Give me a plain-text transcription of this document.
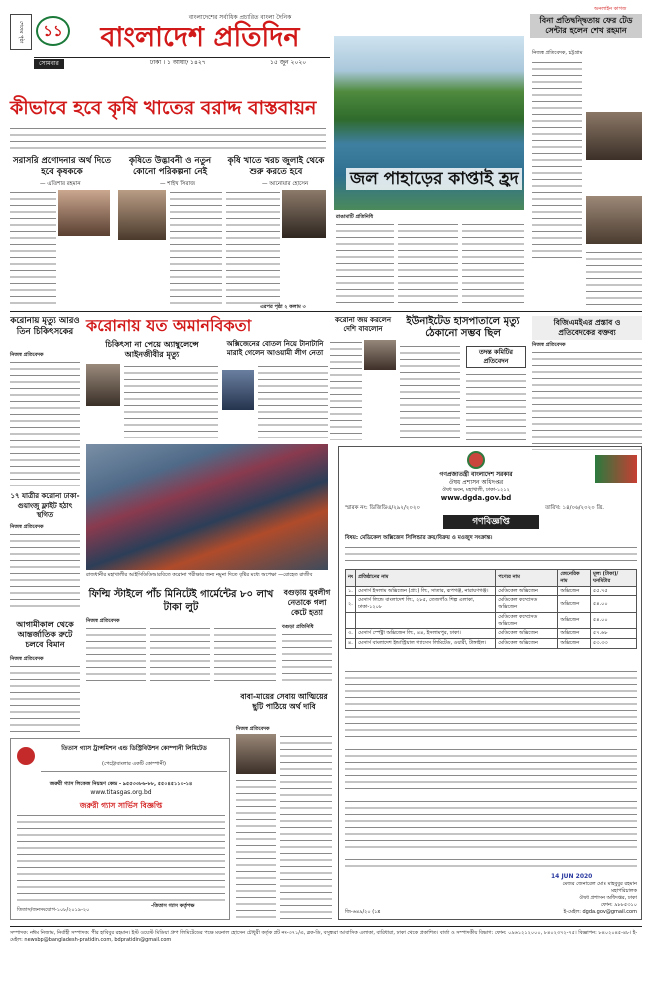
শেষের পৃষ্ঠা	১১
বাংলাদেশের সর্বাধিক প্রচারিত বাংলা দৈনিক
বাংলাদেশ প্রতিদিন
সোমবার	ঢাকা । ১ আষাঢ় ১৪২৭	১৫ জুন ২০২০
অনলাইন কাগজ
বিনা প্রতিদ্বন্দ্বিতায় ফের টেড সেন্টার হলেন শেখ রহমান
নিজস্ব প্রতিবেদক, চট্টগ্রাম
কীভাবে হবে কৃষি খাতের বরাদ্দ বাস্তবায়ন
সরাসরি প্রণোদনার অর্থ দিতে হবে কৃষককে
— এতিশার রহমান
কৃষিতে উদ্ভাবনী ও নতুন কোনো পরিকল্পনা নেই
— শাইখ সিরাজ
কৃষি খাতে খরচ জুলাই থেকে শুরু করতে হবে
— আনোয়ার হোসেন
এরপর পৃষ্ঠা ২ কলাম ৩
জল পাহাড়ের কাপ্তাই হ্রদ
রাঙামাটি প্রতিনিধি
করোনায় মৃত্যু আরও তিন চিকিৎসকের
নিজস্ব প্রতিবেদক
করোনায় যত অমানবিকতা
চিকিৎসা না পেয়ে অ্যাম্বুলেন্সে আইনজীবীর মৃত্যু
অক্সিজেনের বোতল নিয়ে টানাটানি মারাই গেলেন আওয়ামী লীগ নেতা
করোনা জয় করলেন দেশি বাবলোন
ইউনাইটেড হাসপাতালে মৃত্যু ঠেকানো সম্ভব ছিল
তদন্ত কমিটির প্রতিবেদন
বিজিএমইএর প্রস্তাব ও প্রতিবেদকের বক্তব্য
নিজস্ব প্রতিবেদক
১৭ যাত্রীর করোনা ঢাকা-গুয়াংজু ফ্লাইট হঠাৎ স্থগিত
নিজস্ব প্রতিবেদক
রাজধানীর মহাখালীর আইসিডিডিআরবিতে করোনা পরীক্ষার জন্য নমুনা দিতে বৃষ্টির মধ্যে অপেক্ষা —রোহেত রাজীব
আগামীকাল থেকে আন্তর্জাতিক রুটে চলবে বিমান
নিজস্ব প্রতিবেদক
ফিল্মি স্টাইলে পাঁচ মিনিটেই গার্মেন্টের ৮০ লাখ টাকা লুট
নিজস্ব প্রতিবেদক
বগুড়ায় যুবলীগ নেতাকে গলা কেটে হত্যা
বগুড়া প্রতিনিধি
তিতাস গ্যাস ট্রান্সমিশন এন্ড ডিস্ট্রিবিউশন কোম্পানী লিমিটেড
(পেট্রোবাংলার একটি কোম্পানী)
জরুরী গ্যাস লিকেজ নিয়ন্ত্রণ কেন্দ্র - ৯৫৫৩৩৮৬-৮৮, ৫৫০৪৫১১০-১৪
www.titasgas.org.bd
জরুরী গ্যাস সার্ভিস বিজ্ঞপ্তি
তিতাস/জনসংযোগ-১০৮/২০১৯-২০
-তিতাস গ্যাস কর্তৃপক্ষ
বাবা-মায়ের সেবায় আত্মিয়ের ছুটি পাঠিয়ে অর্থ দাবি
নিজস্ব প্রতিবেদক
গণপ্রজাতন্ত্রী বাংলাদেশ সরকার
ঔষধ প্রশাসন অধিদপ্তর
ঔষধ ভবন, মহাখালী, ঢাকা-১২১২
www.dgda.gov.bd
স্মারক নং: ডিজিডিএ/২৯২/২০২০	তারিখ: ১৪/০৬/২০২০ খ্রি.
গণবিজ্ঞপ্তি
বিষয়: মেডিকেল অক্সিজেন সিলিন্ডার ক্রয়/বিক্রয় ও মওজুদ সংক্রান্ত।
নং	প্রতিষ্ঠানের নাম	পণ্যের নাম	জেনেরিক নাম	মূল্য (টাকা)/ঘনমিটার
১.	মেসার্স ইসলাম অক্সিজেন (প্রা:) লি:, সাতার, রূপগঞ্জ, নারায়ণগঞ্জ।	মেডিকেল অক্সিজেন	অক্সিজেন	৫৫.৭৫
২.	মেসার্স লিন্ডে বাংলাদেশ লি:, ২৮৫, তেজগাঁও শিল্প এলাকা, ঢাকা-১২০৮	মেডিকেল কম্প্রেসড অক্সিজেন	অক্সিজেন	৫৪.০০
		মেডিকেল কম্প্রেসড অক্সিজেন	অক্সিজেন	৫৪.০০
৩.	মেসার্স স্পেক্ট্রা অক্সিজেন লি:, ৪৪, ইসলামপুর, ঢাকা।	মেডিকেল অক্সিজেন	অক্সিজেন	৫৭.৬৮
৪.	মেসার্স বাংলাদেশ ইন্ডাস্ট্রিয়াল গ্যাসেস লিমিটেড, ওয়ারী, টাঙ্গাইল।	মেডিকেল অক্সিজেন	অক্সিজেন	৫৩.৩৩
14 JUN 2020
মেজর জেনারেল মোঃ মাহবুবুর রহমান
মহাপরিচালক
ঔষধ প্রশাসন অধিদপ্তর, ঢাকা
ফোন: ৯৮৮৫৩১০
ই-মেইল: dgda.gov@gmail.com
জি-৬৪৯/২০ (১x
সম্পাদক: নঈম নিজাম, নির্বাহী সম্পাদক: পীর হাবিবুর রহমান। ইস্ট ওয়েস্ট মিডিয়া গ্রুপ লিমিটেডের পক্ষে ময়নাল হোসেন চৌধুরী কর্তৃক প্লট নং-৩৭১/এ, ব্লক-ডি, বসুন্ধরা আবাসিক এলাকা, বারিধারা, ঢাকা থেকে প্রকাশিত। বার্তা ও সম্পাদকীয় বিভাগ: ফোন: ০৯৬১২১২০০০, ৮৪০২৩৭২-৭৫। বিজ্ঞাপন: ৮৪০২০৪৫-৪৮। ই-মেইল: newsbp@bangladesh-pratidin.com, bdpratidin@gmail.com
